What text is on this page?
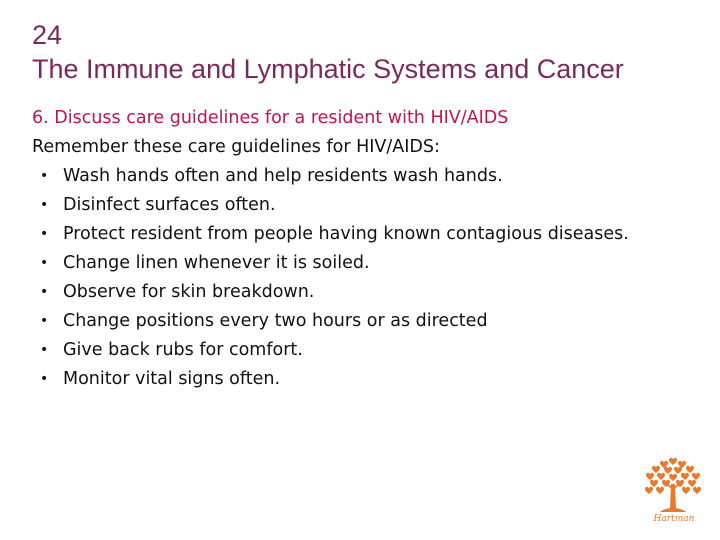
24
The Immune and Lymphatic Systems and Cancer
6. Discuss care guidelines for a resident with HIV/AIDS
Remember these care guidelines for HIV/AIDS:
• Wash hands often and help residents wash hands.
• Disinfect surfaces often.
• Protect resident from people having known contagious diseases.
• Change linen whenever it is soiled.
• Observe for skin breakdown.
• Change positions every two hours or as directed
• Give back rubs for comfort.
• Monitor vital signs often.
Hartman
